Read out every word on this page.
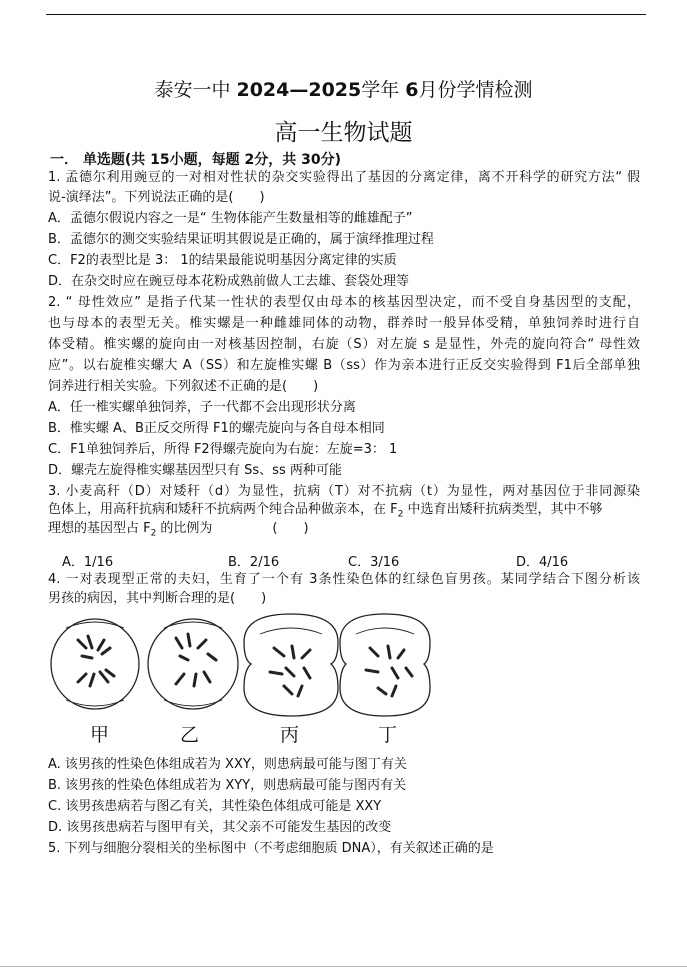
泰安一中 2024—2025学年 6月份学情检测
高一生物试题
一． 单选题(共 15小题，每题 2分，共 30分)
1. 孟德尔利用豌豆的一对相对性状的杂交实验得出了基因的分离定律，离不开科学的研究方法“ 假
说-演绎法”。下列说法正确的是(　　)
A．孟德尔假说内容之一是“ 生物体能产生数量相等的雌雄配子”
B．孟德尔的测交实验结果证明其假说是正确的，属于演绎推理过程
C．F2的表型比是 3： 1的结果最能说明基因分离定律的实质
D．在杂交时应在豌豆母本花粉成熟前做人工去雄、套袋处理等
2. “ 母性效应” 是指子代某一性状的表型仅由母本的核基因型决定，而不受自身基因型的支配，
也与母本的表型无关。椎实螺是一种雌雄同体的动物，群养时一般异体受精，单独饲养时进行自
体受精。椎实螺的旋向由一对核基因控制，右旋（S）对左旋 s 是显性，外壳的旋向符合“ 母性效
应”。以右旋椎实螺大 A（SS）和左旋椎实螺 B（ss）作为亲本进行正反交实验得到 F1后全部单独
饲养进行相关实验。下列叙述不正确的是(　　)
A．任一椎实螺单独饲养，子一代都不会出现形状分离
B．椎实螺 A、B正反交所得 F1的螺壳旋向与各自母本相同
C．F1单独饲养后，所得 F2得螺壳旋向为右旋：左旋=3： 1
D．螺壳左旋得椎实螺基因型只有 Ss、ss 两种可能
3. 小麦高秆（D）对矮秆（d）为显性，抗病（T）对不抗病（t）为显性，两对基因位于非同源染
色体上，用高秆抗病和矮秆不抗病两个纯合品种做亲本，在 $F_2$ 中选育出矮秆抗病类型，其中不够
理想的基因型占 $F_2$ 的比例为	(　　)
A．1/16	B．2/16	C．3/16	D．4/16
4. 一对表现型正常的夫妇，生育了一个有 3条性染色体的红绿色盲男孩。某同学结合下图分析该
男孩的病因，其中判断合理的是(　　)
甲	乙	丙	丁
A. 该男孩的性染色体组成若为 XXY，则患病最可能与图丁有关
B. 该男孩的性染色体组成若为 XYY，则患病最可能与图丙有关
C. 该男孩患病若与图乙有关，其性染色体组成可能是 XXY
D. 该男孩患病若与图甲有关，其父亲不可能发生基因的改变
5. 下列与细胞分裂相关的坐标图中（不考虑细胞质 DNA），有关叙述正确的是
